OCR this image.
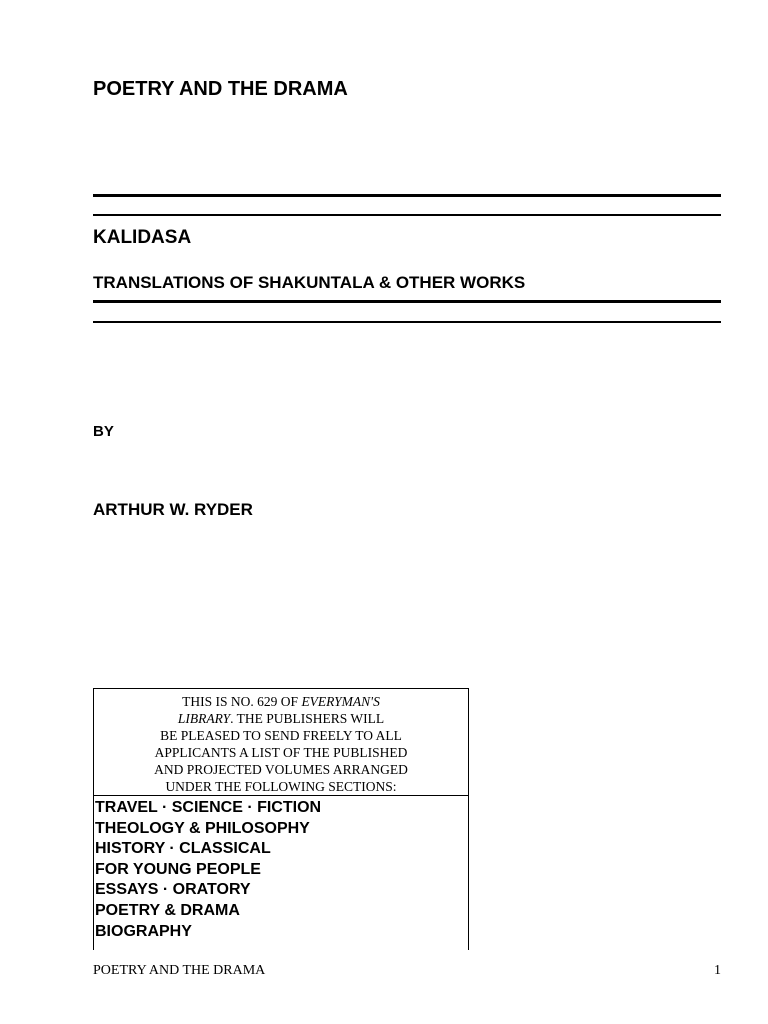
POETRY AND THE DRAMA
KALIDASA
TRANSLATIONS OF SHAKUNTALA & OTHER WORKS
BY
ARTHUR W. RYDER
THIS IS NO. 629 OF EVERYMAN'S
LIBRARY. THE PUBLISHERS WILL
BE PLEASED TO SEND FREELY TO ALL
APPLICANTS A LIST OF THE PUBLISHED
AND PROJECTED VOLUMES ARRANGED
UNDER THE FOLLOWING SECTIONS:
TRAVEL · SCIENCE · FICTION
THEOLOGY & PHILOSOPHY
HISTORY · CLASSICAL
FOR YOUNG PEOPLE
ESSAYS · ORATORY
POETRY & DRAMA
BIOGRAPHY
POETRY AND THE DRAMA	1
